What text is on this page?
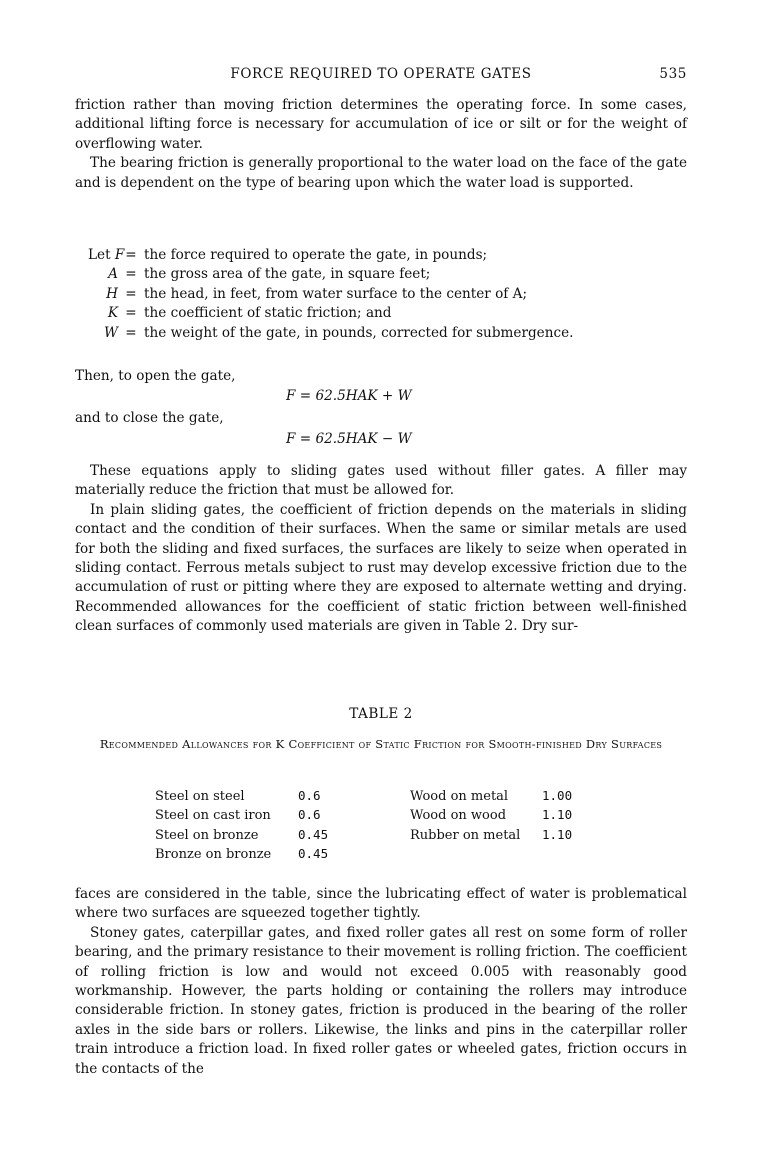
FORCE REQUIRED TO OPERATE GATES	535

friction rather than moving friction determines the operating force. In some cases, additional lifting force is necessary for accumulation of ice or silt or for the weight of overflowing water.

The bearing friction is generally proportional to the water load on the face of the gate and is dependent on the type of bearing upon which the water load is supported.

Let F= the force required to operate the gate, in pounds;
A = the gross area of the gate, in square feet;
H = the head, in feet, from water surface to the center of A;
K = the coefficient of static friction; and
W = the weight of the gate, in pounds, corrected for submergence.
Then, to open the gate,
F = 62.5HAK + W
and to close the gate,
F = 62.5HAK − W

These equations apply to sliding gates used without filler gates. A filler may materially reduce the friction that must be allowed for.

In plain sliding gates, the coefficient of friction depends on the materials in sliding contact and the condition of their surfaces. When the same or similar metals are used for both the sliding and fixed surfaces, the surfaces are likely to seize when operated in sliding contact. Ferrous metals subject to rust may develop excessive friction due to the accumulation of rust or pitting where they are exposed to alternate wetting and drying. Recommended allowances for the coefficient of static friction between well-finished clean surfaces of commonly used materials are given in Table 2. Dry sur-

TABLE 2
Recommended Allowances for K Coefficient of Static Friction for Smooth-finished Dry Surfaces
Steel on steel	0.6	Wood on metal	1.00
Steel on cast iron 0.6	Wood on wood	1.10
Steel on bronze	0.45	Rubber on metal 1.10
Bronze on bronze 0.45

faces are considered in the table, since the lubricating effect of water is problematical where two surfaces are squeezed together tightly.

Stoney gates, caterpillar gates, and fixed roller gates all rest on some form of roller bearing, and the primary resistance to their movement is rolling friction. The coefficient of rolling friction is low and would not exceed 0.005 with reasonably good workmanship. However, the parts holding or containing the rollers may introduce considerable friction. In stoney gates, friction is produced in the bearing of the roller axles in the side bars or rollers. Likewise, the links and pins in the caterpillar roller train introduce a friction load. In fixed roller gates or wheeled gates, friction occurs in the contacts of the
